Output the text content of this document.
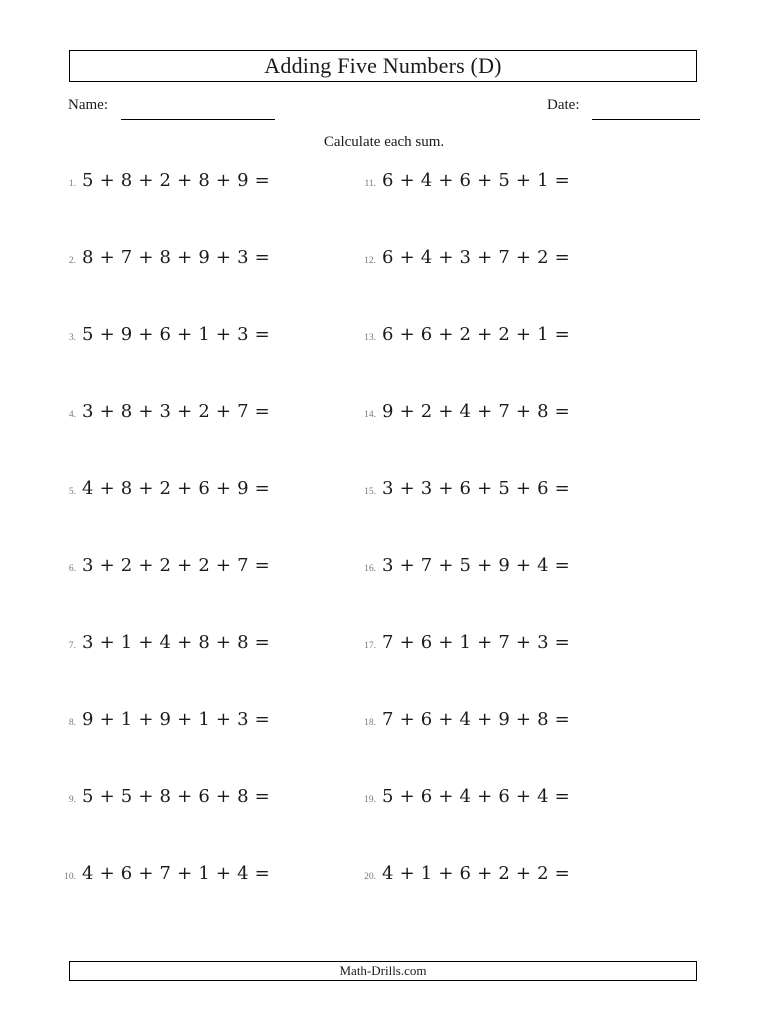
Adding Five Numbers (D)
Name:	Date:
Calculate each sum.
1. 5 + 8 + 2 + 8 + 9 =
2. 8 + 7 + 8 + 9 + 3 =
3. 5 + 9 + 6 + 1 + 3 =
4. 3 + 8 + 3 + 2 + 7 =
5. 4 + 8 + 2 + 6 + 9 =
6. 3 + 2 + 2 + 2 + 7 =
7. 3 + 1 + 4 + 8 + 8 =
8. 9 + 1 + 9 + 1 + 3 =
9. 5 + 5 + 8 + 6 + 8 =
10. 4 + 6 + 7 + 1 + 4 =
11. 6 + 4 + 6 + 5 + 1 =
12. 6 + 4 + 3 + 7 + 2 =
13. 6 + 6 + 2 + 2 + 1 =
14. 9 + 2 + 4 + 7 + 8 =
15. 3 + 3 + 6 + 5 + 6 =
16. 3 + 7 + 5 + 9 + 4 =
17. 7 + 6 + 1 + 7 + 3 =
18. 7 + 6 + 4 + 9 + 8 =
19. 5 + 6 + 4 + 6 + 4 =
20. 4 + 1 + 6 + 2 + 2 =
Math-Drills.com
